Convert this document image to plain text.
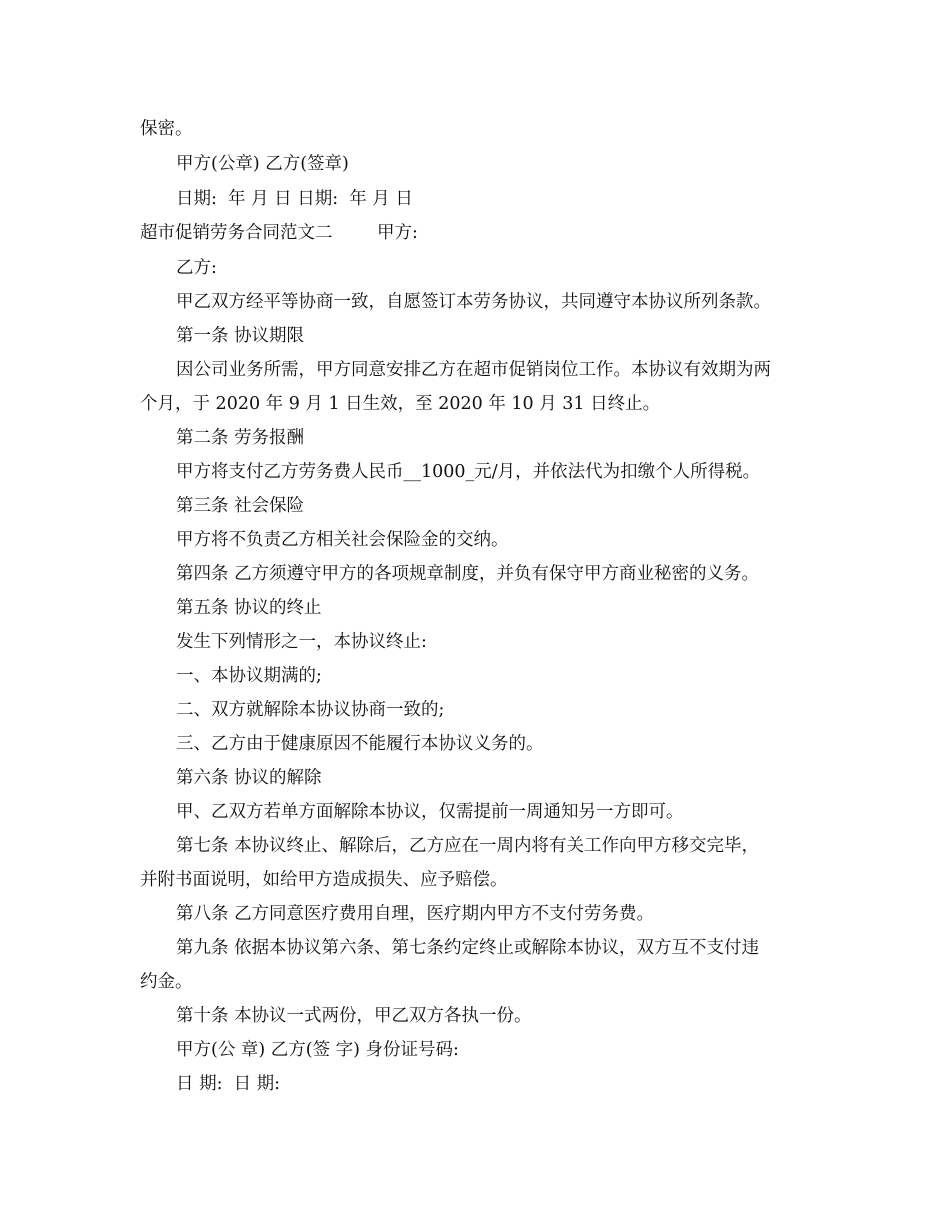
保密。
甲方(公章) 乙方(签章)
日期:  年 月 日 日期:  年 月 日
超市促销劳务合同范文二        甲方:
乙方:
甲乙双方经平等协商一致，自愿签订本劳务协议，共同遵守本协议所列条款。
第一条 协议期限
因公司业务所需，甲方同意安排乙方在超市促销岗位工作。本协议有效期为两
个月，于 2020 年 9 月 1 日生效，至 2020 年 10 月 31 日终止。
第二条 劳务报酬
甲方将支付乙方劳务费人民币__1000_元/月，并依法代为扣缴个人所得税。
第三条 社会保险
甲方将不负责乙方相关社会保险金的交纳。
第四条 乙方须遵守甲方的各项规章制度，并负有保守甲方商业秘密的义务。
第五条 协议的终止
发生下列情形之一，本协议终止:
一、本协议期满的;
二、双方就解除本协议协商一致的;
三、乙方由于健康原因不能履行本协议义务的。
第六条 协议的解除
甲、乙双方若单方面解除本协议，仅需提前一周通知另一方即可。
第七条 本协议终止、解除后，乙方应在一周内将有关工作向甲方移交完毕，
并附书面说明，如给甲方造成损失、应予赔偿。
第八条 乙方同意医疗费用自理，医疗期内甲方不支付劳务费。
第九条 依据本协议第六条、第七条约定终止或解除本协议，双方互不支付违
约金。
第十条 本协议一式两份，甲乙双方各执一份。
甲方(公 章) 乙方(签 字) 身份证号码:
日 期:  日 期:
